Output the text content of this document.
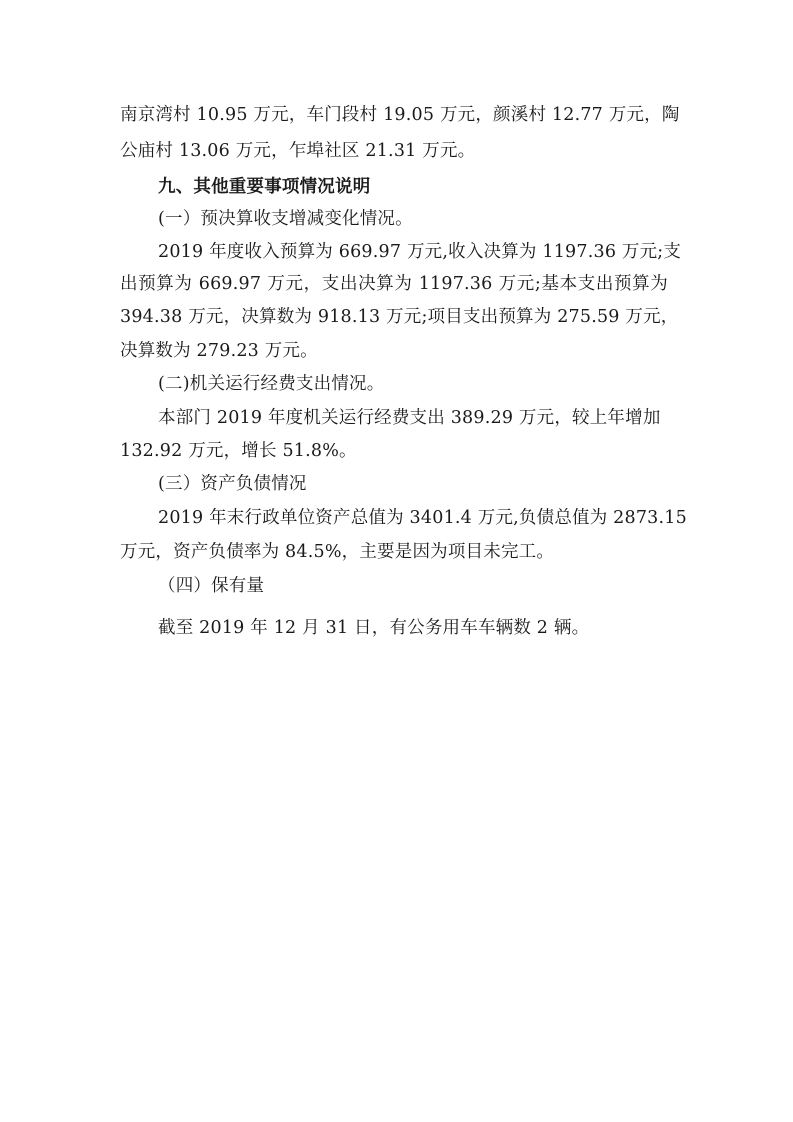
南京湾村 10.95 万元，车门段村 19.05 万元，颜溪村 12.77 万元，陶
公庙村 13.06 万元，乍埠社区 21.31 万元。
九、其他重要事项情况说明
(一）预决算收支增减变化情况。
2019 年度收入预算为 669.97 万元,收入决算为 1197.36 万元;支
出预算为 669.97 万元，支出决算为 1197.36 万元;基本支出预算为
394.38 万元，决算数为 918.13 万元;项目支出预算为 275.59 万元，
决算数为 279.23 万元。
(二)机关运行经费支出情况。
本部门 2019 年度机关运行经费支出 389.29 万元，较上年增加
132.92 万元，增长 51.8%。
(三）资产负债情况
2019 年末行政单位资产总值为 3401.4 万元,负债总值为 2873.15
万元，资产负债率为 84.5%，主要是因为项目未完工。
（四）保有量
截至 2019 年 12 月 31 日，有公务用车车辆数 2 辆。
